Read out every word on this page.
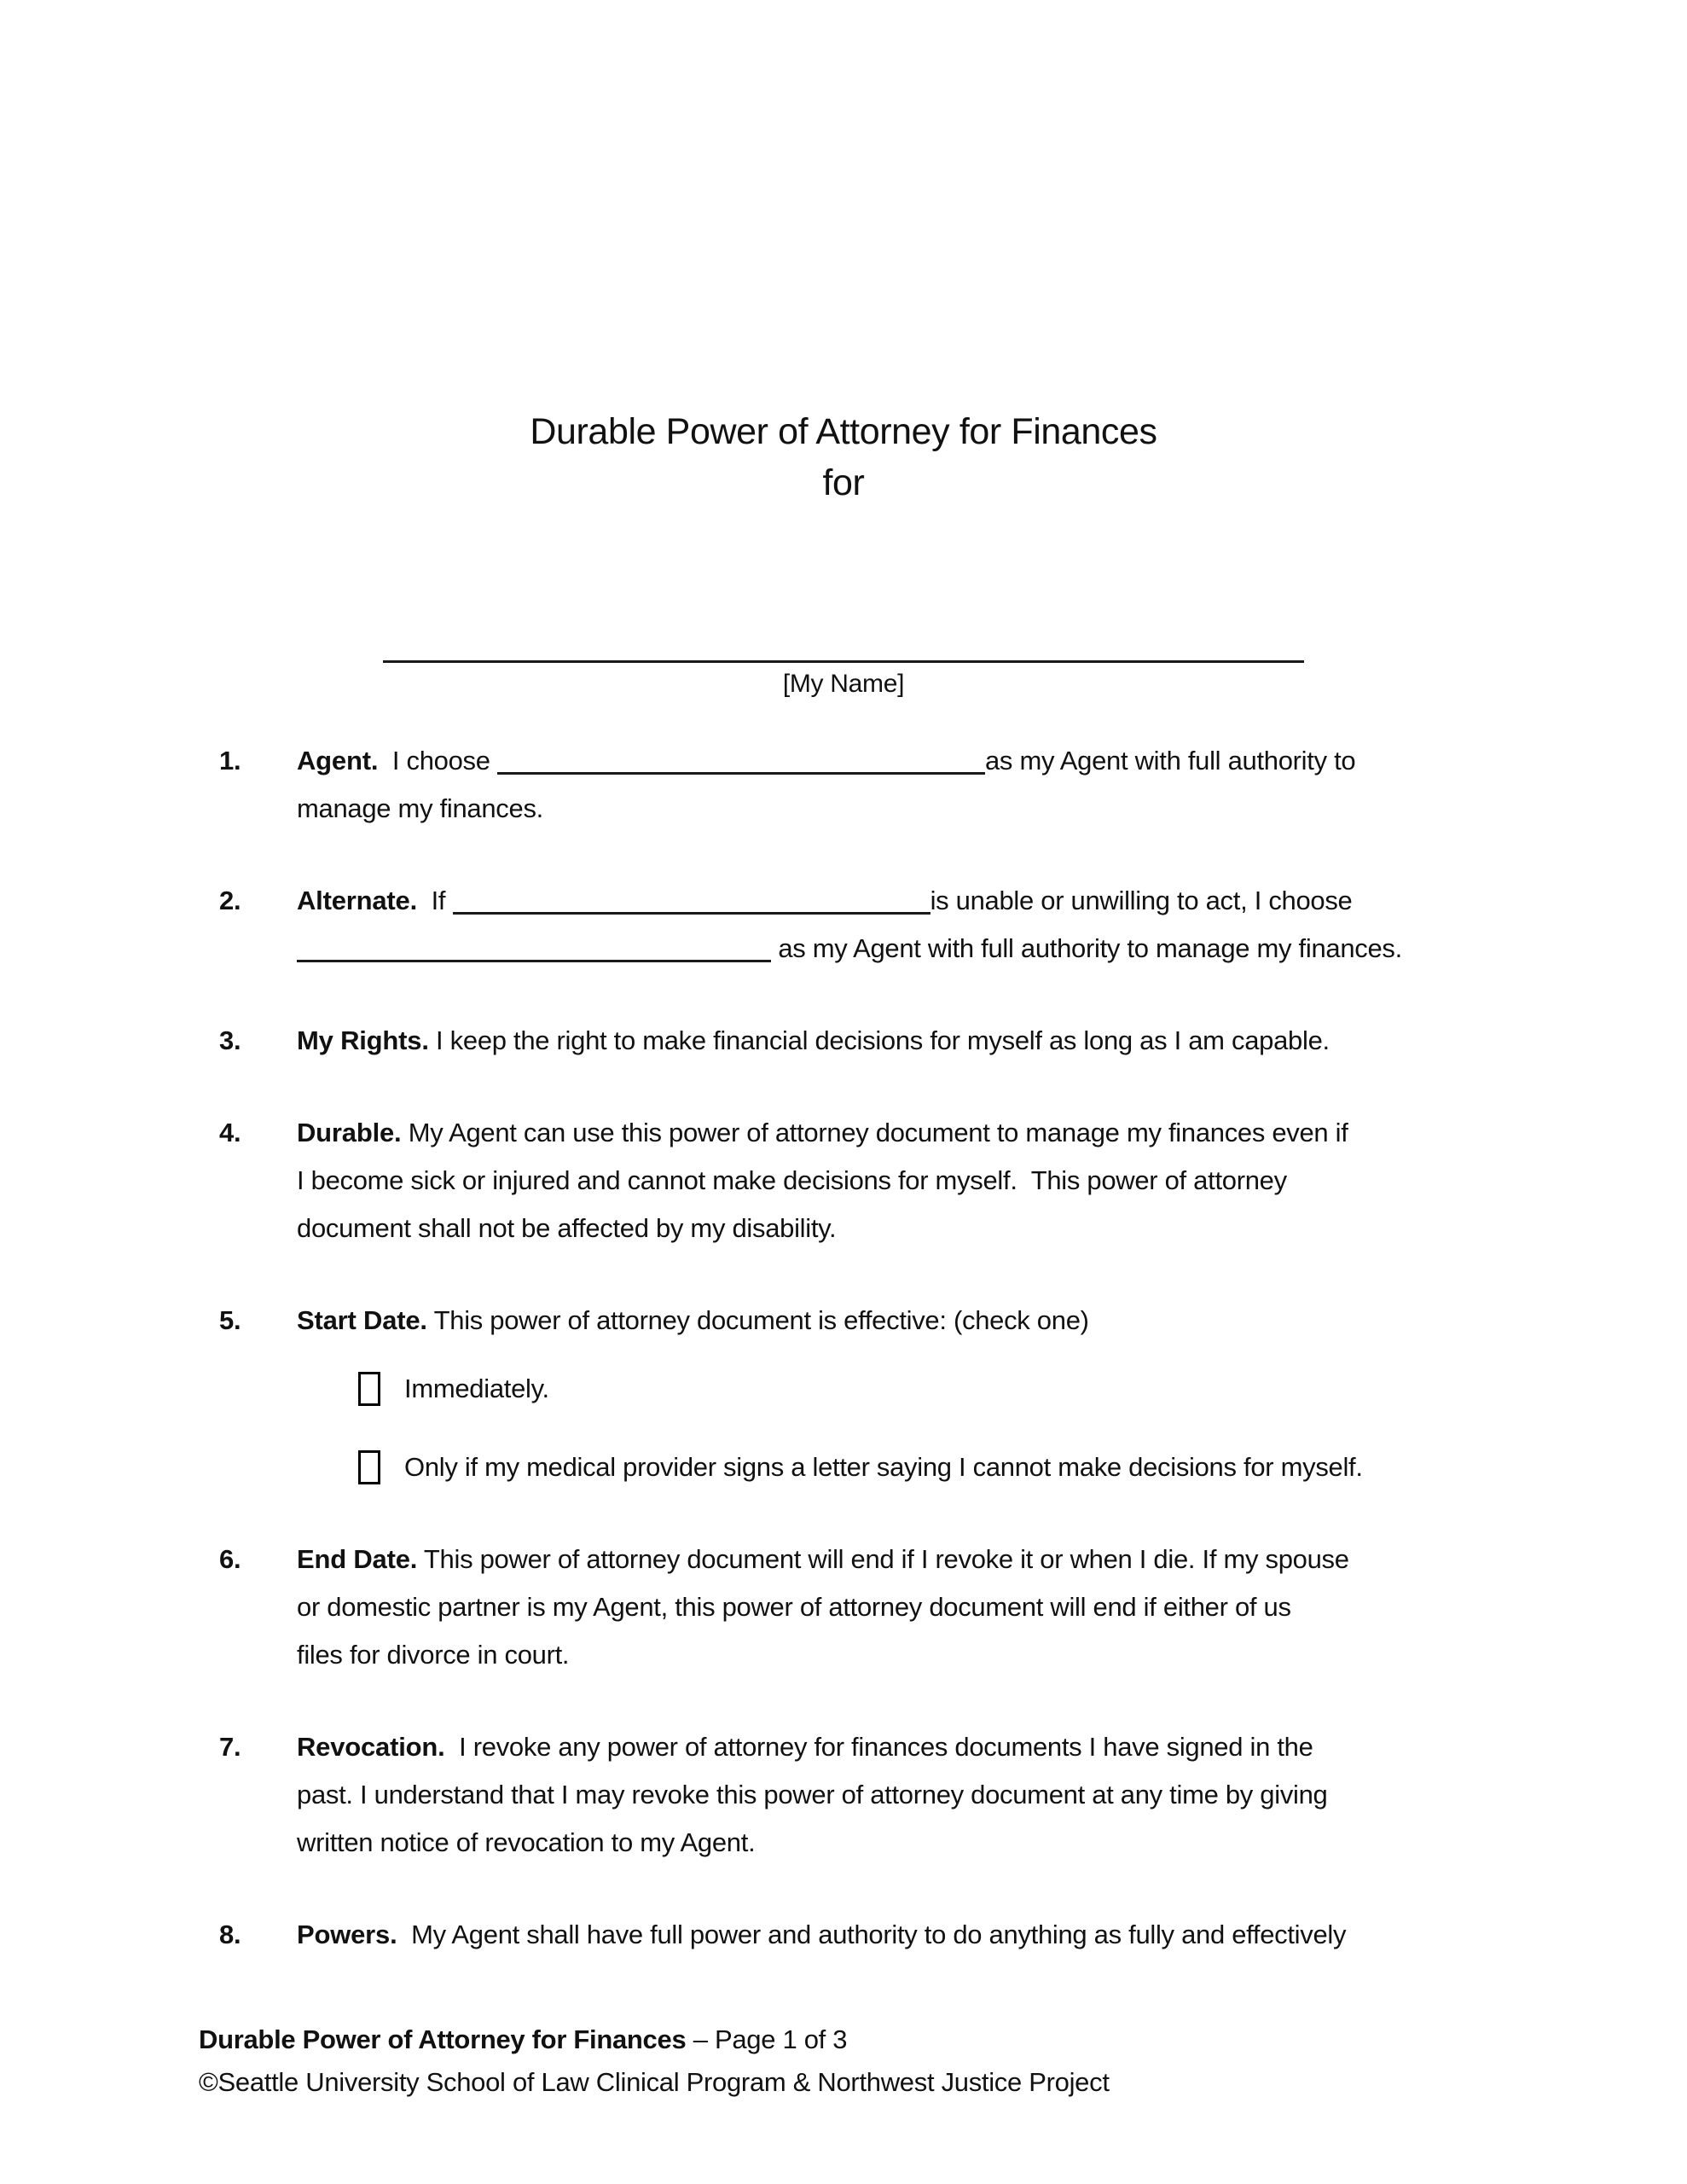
Durable Power of Attorney for Finances
for
[My Name]
1.	Agent.  I choose	as my Agent with full authority to
manage my finances.
2.	Alternate.  If	is unable or unwilling to act, I choose
as my Agent with full authority to manage my finances.
3.	My Rights. I keep the right to make financial decisions for myself as long as I am capable.
4.	Durable. My Agent can use this power of attorney document to manage my finances even if
I become sick or injured and cannot make decisions for myself.  This power of attorney
document shall not be affected by my disability.
5.	Start Date. This power of attorney document is effective: (check one)
Immediately.
Only if my medical provider signs a letter saying I cannot make decisions for myself.
6.	End Date. This power of attorney document will end if I revoke it or when I die. If my spouse
or domestic partner is my Agent, this power of attorney document will end if either of us
files for divorce in court.
7.	Revocation.  I revoke any power of attorney for finances documents I have signed in the
past. I understand that I may revoke this power of attorney document at any time by giving
written notice of revocation to my Agent.
8.	Powers.  My Agent shall have full power and authority to do anything as fully and effectively
Durable Power of Attorney for Finances – Page 1 of 3
©Seattle University School of Law Clinical Program & Northwest Justice Project
